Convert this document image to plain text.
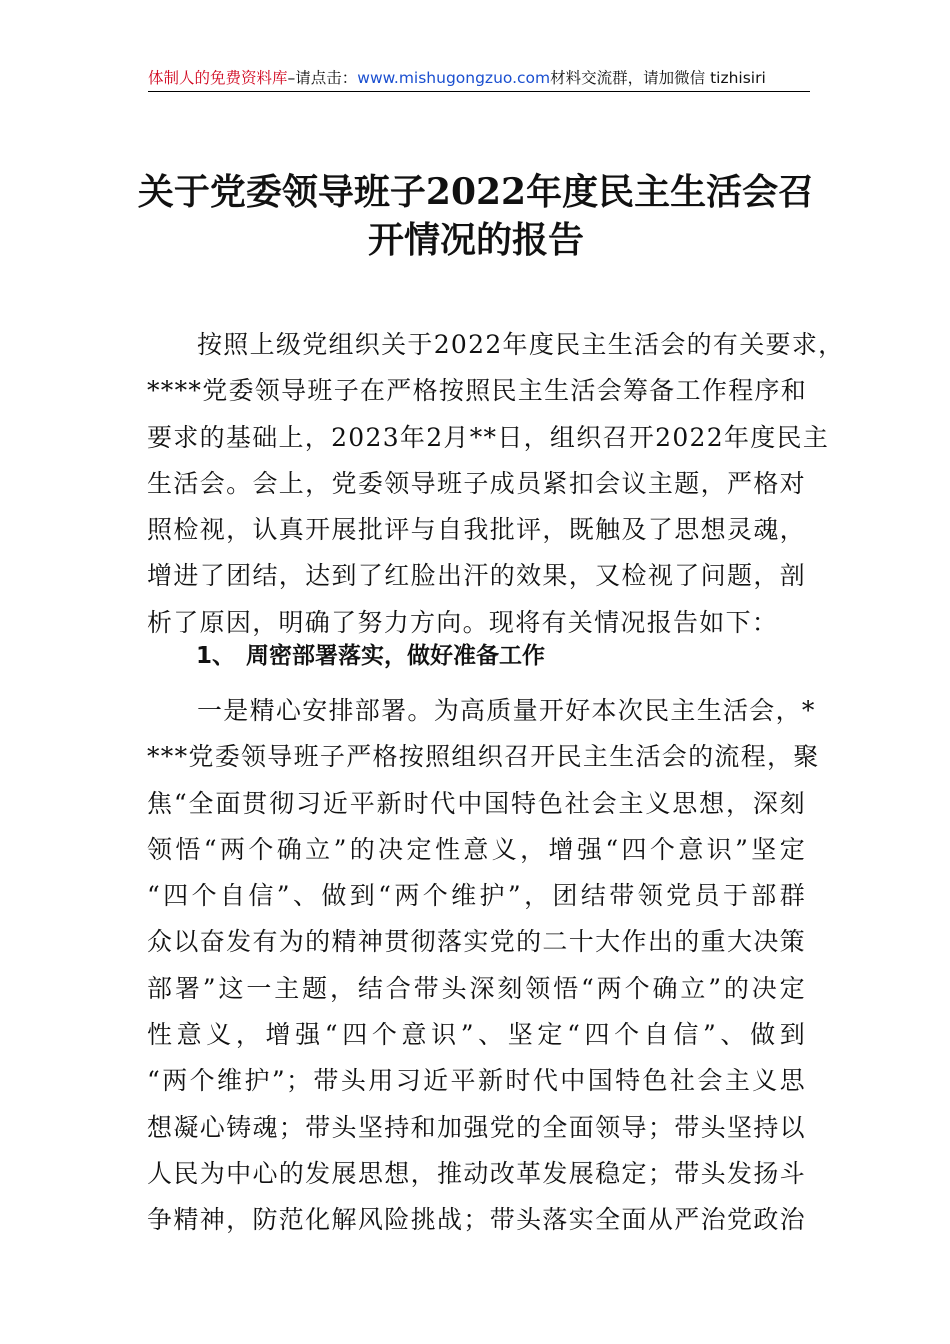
体制人的免费资料库–请点击：www.mishugongzuo.com材料交流群，请加微信 tizhisiri
关于党委领导班子2022年度民主生活会召
开情况的报告
按照上级党组织关于2022年度民主生活会的有关要求，
****党委领导班子在严格按照民主生活会筹备工作程序和
要求的基础上，2023年2月**日，组织召开2022年度民主
生活会。会上，党委领导班子成员紧扣会议主题，严格对
照检视，认真开展批评与自我批评，既触及了思想灵魂，
增进了团结，达到了红脸出汗的效果，又检视了问题，剖
析了原因，明确了努力方向。现将有关情况报告如下：
1、 周密部署落实，做好准备工作
一是精心安排部署。为高质量开好本次民主生活会，*
***党委领导班子严格按照组织召开民主生活会的流程，聚
焦“全面贯彻习近平新时代中国特色社会主义思想，深刻
领悟“两个确立”的决定性意义，增强“四个意识”坚定
“四个自信”、做到“两个维护”，团结带领党员于部群
众以奋发有为的精神贯彻落实党的二十大作出的重大决策
部署”这一主题，结合带头深刻领悟“两个确立”的决定
性意义，增强“四个意识”、坚定“四个自信”、做到
“两个维护”；带头用习近平新时代中国特色社会主义思
想凝心铸魂；带头坚持和加强党的全面领导；带头坚持以
人民为中心的发展思想，推动改革发展稳定；带头发扬斗
争精神，防范化解风险挑战；带头落实全面从严治党政治
